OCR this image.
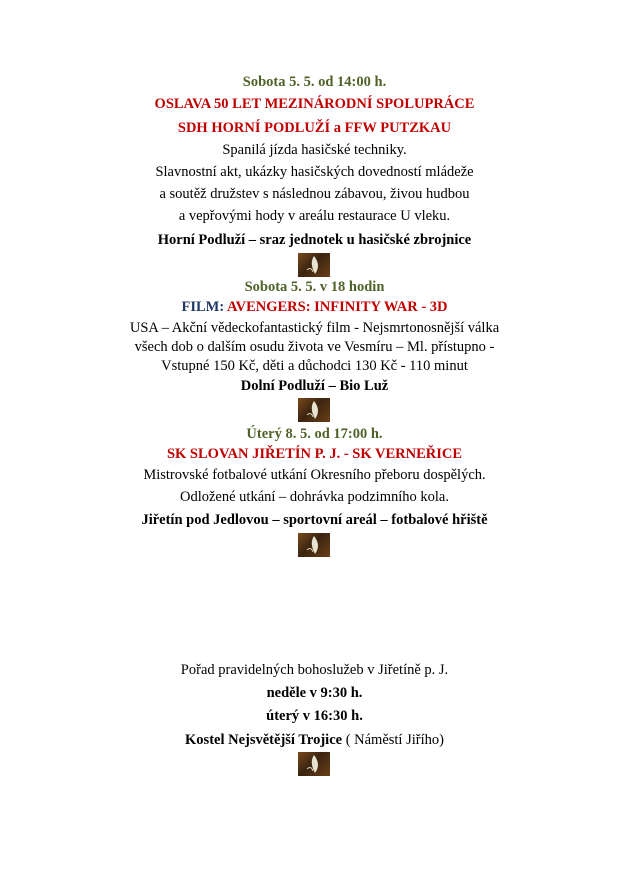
Sobota 5. 5. od 14:00 h.
OSLAVA 50 LET MEZINÁRODNÍ SPOLUPRÁCE
SDH HORNÍ PODLUŽÍ a FFW PUTZKAU
Spanilá jízda hasičské techniky.
Slavnostní akt, ukázky hasičských dovedností mládeže
a soutěž družstev s následnou zábavou, živou hudbou
a vepřovými hody v areálu restaurace U vleku.
Horní Podluží – sraz jednotek u hasičské zbrojnice
Sobota 5. 5. v 18 hodin
FILM: AVENGERS: INFINITY WAR - 3D
USA – Akční vědeckofantastický film - Nejsmrtonosnější válka
všech dob o dalším osudu života ve Vesmíru – Ml. přístupno -
Vstupné 150 Kč, děti a důchodci 130 Kč - 110 minut
Dolní Podluží – Bio Luž
Úterý 8. 5. od 17:00 h.
SK SLOVAN JIŘETÍN P. J. - SK VERNEŘICE
Mistrovské fotbalové utkání Okresního přeboru dospělých.
Odložené utkání – dohrávka podzimního kola.
Jiřetín pod Jedlovou – sportovní areál – fotbalové hřiště
Pořad pravidelných bohoslužeb v Jiřetíně p. J.
neděle v 9:30 h.
úterý v 16:30 h.
Kostel Nejsvětější Trojice ( Náměstí Jiřího)
